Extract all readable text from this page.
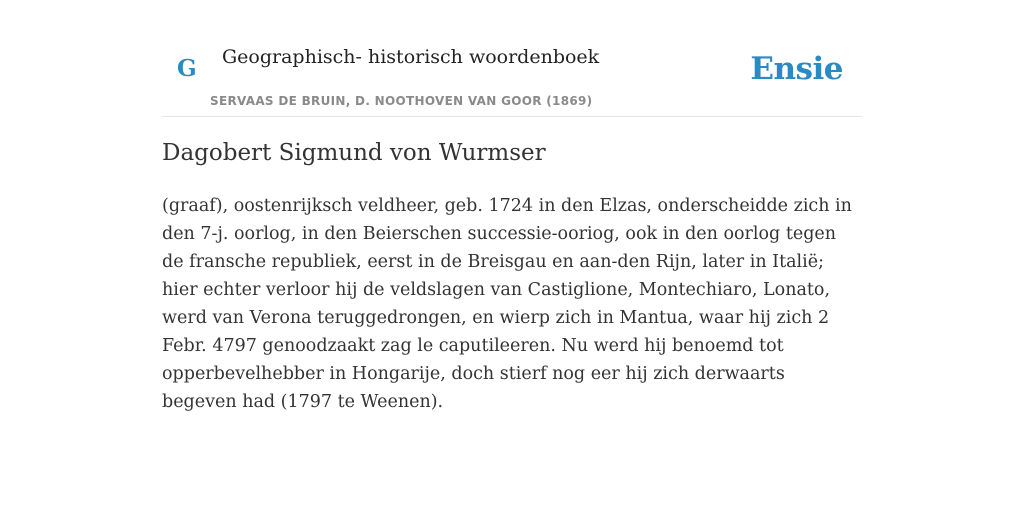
G Geographisch- historisch woordenboek
SERVAAS DE BRUIN, D. NOOTHOVEN VAN GOOR (1869)
Ensie
Dagobert Sigmund von Wurmser

(graaf), oostenrijksch veldheer, geb. 1724 in den Elzas, onderscheidde zich in den 7-j. oorlog, in den Beierschen successie-ooriog, ook in den oorlog tegen de fransche republiek, eerst in de Breisgau en aan-den Rijn, later in Italië; hier echter verloor hij de veldslagen van Castiglione, Montechiaro, Lonato, werd van Verona teruggedrongen, en wierp zich in Mantua, waar hij zich 2 Febr. 4797 genoodzaakt zag le caputileeren. Nu werd hij benoemd tot opperbevelhebber in Hongarije, doch stierf nog eer hij zich derwaarts begeven had (1797 te Weenen).
